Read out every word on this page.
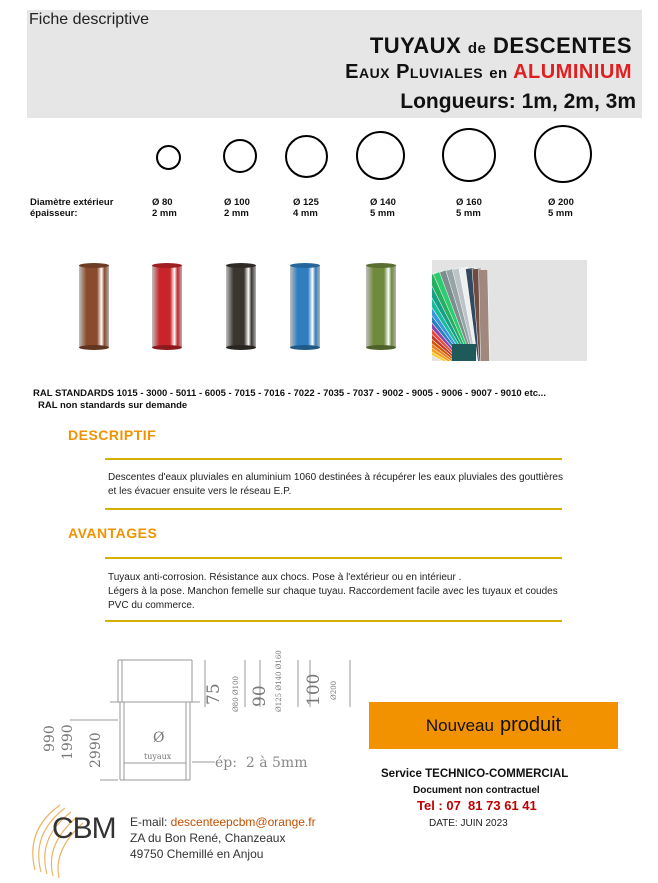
Fiche descriptive
TUYAUX de DESCENTES
Eaux Pluviales en ALUMINIUM
Longueurs: 1m, 2m, 3m
Diamètre extérieur
épaisseur:
Ø 80
2 mm
Ø 100
2 mm
Ø 125
4 mm
Ø 140
5 mm
Ø 160
5 mm
Ø 200
5 mm
RAL STANDARDS 1015 - 3000 - 5011 - 6005 - 7015 - 7016 - 7022 - 7035 - 7037 - 9002 - 9005 - 9006 - 9007 - 9010 etc...
RAL non standards sur demande
DESCRIPTIF
Descentes d'eaux pluviales en aluminium 1060 destinées à récupérer les eaux pluviales des gouttières et les évacuer ensuite vers le réseau E.P.
AVANTAGES
Tuyaux anti-corrosion. Résistance aux chocs. Pose à l'extérieur ou en intérieur .
Légers à la pose. Manchon femelle sur chaque tuyau. Raccordement facile avec les tuyaux et coudes PVC du commerce.
990 1990 2990	Ø
tuyaux
75 Ø80 Ø100 90 Ø125 Ø140 Ø160 100 Ø200
ép:  2 à 5mm
Nouveau produit
Service TECHNICO-COMMERCIAL
Document non contractuel
Tel : 07  81 73 61 41
DATE: JUIN 2023
CBM E-mail: descenteepcbm@orange.fr
ZA du Bon René, Chanzeaux
49750 Chemillé en Anjou
